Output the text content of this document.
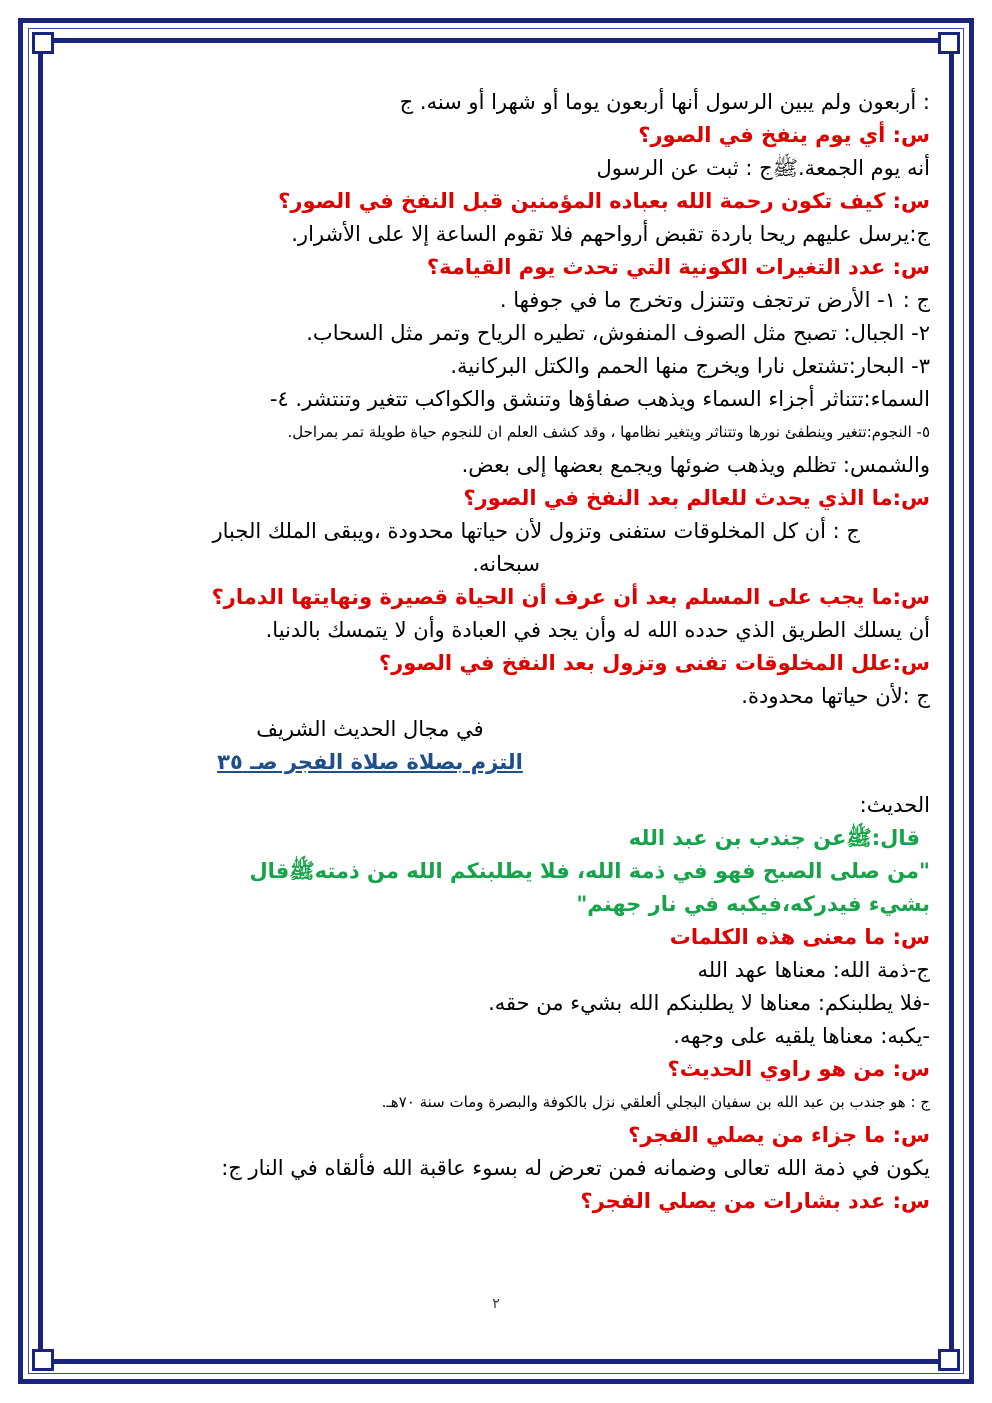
: أربعون ولم يبين الرسول أنها أربعون يوما أو شهرا أو سنه. ج
س: أي يوم ينفخ في الصور؟
أنه يوم الجمعة.ﷺج : ثبت عن الرسول
س: كيف تكون رحمة الله بعباده المؤمنين قبل النفخ في الصور؟
ج:يرسل عليهم ريحا باردة تقبض أرواحهم فلا تقوم الساعة إلا على الأشرار.
س: عدد التغيرات الكونية التي تحدث يوم القيامة؟
ج : ١- الأرض ترتجف وتتنزل وتخرج ما في جوفها .
٢- الجبال: تصبح مثل الصوف المنفوش، تطيره الرياح وتمر مثل السحاب.
٣- البحار:تشتعل نارا ويخرج منها الحمم والكتل البركانية.
السماء:تتناثر أجزاء السماء ويذهب صفاؤها وتنشق والكواكب تتغير وتنتشر. ٤-
٥- النجوم:تتغير وينطفئ نورها وتتناثر ويتغير نظامها ، وقد كشف العلم ان للنجوم حياة طويلة تمر بمراحل.
والشمس: تظلم ويذهب ضوئها ويجمع بعضها إلى بعض.
س:ما الذي يحدث للعالم بعد النفخ في الصور؟
ج : أن كل المخلوقات ستفنى وتزول لأن حياتها محدودة ،ويبقى الملك الجبار
سبحانه.
س:ما يجب على المسلم بعد أن عرف أن الحياة قصيرة ونهايتها الدمار؟
أن يسلك الطريق الذي حدده الله له وأن يجد في العبادة وأن لا يتمسك بالدنيا.
س:علل المخلوقات تفنى وتزول بعد النفخ في الصور؟
ج :لأن حياتها محدودة.
في مجال الحديث الشريف
التزم بصلاة صلاة الفجر صـ ٣٥
الحديث:
قال:ﷺعن جندب بن عبد الله
"من صلى الصبح فهو في ذمة الله، فلا يطلبنكم الله من ذمتهﷺقال
بشيء فيدركه،فيكبه في نار جهنم"
س: ما معنى هذه الكلمات
ج-ذمة الله: معناها عهد الله
-فلا يطلبنكم: معناها لا يطلبنكم الله بشيء من حقه.
-يكبه: معناها يلقيه على وجهه.
س: من هو راوي الحديث؟
ج : هو جندب بن عبد الله بن سفيان البجلي ألعلقي نزل بالكوفة والبصرة ومات سنة ٧٠هـ.
س: ما جزاء من يصلي الفجر؟
يكون في ذمة الله تعالى وضمانه فمن تعرض له بسوء عاقبة الله فألقاه في النار ج:
س: عدد بشارات من يصلي الفجر؟
٢
